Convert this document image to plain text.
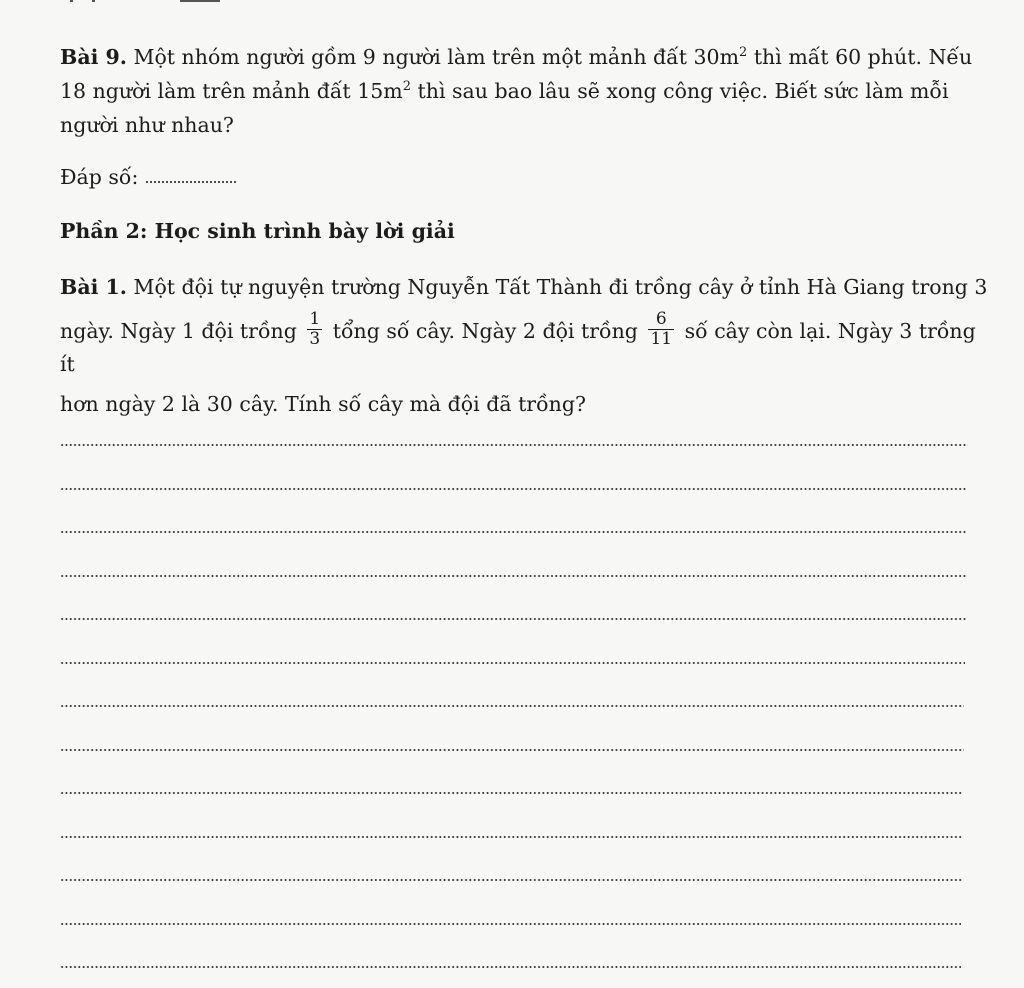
Bài 9. Một nhóm người gồm 9 người làm trên một mảnh đất $30m^2$ thì mất 60 phút. Nếu
18 người làm trên mảnh đất $15m^2$ thì sau bao lâu sẽ xong công việc. Biết sức làm mỗi
người như nhau?
Đáp số:
Phần 2: Học sinh trình bày lời giải
Bài 1. Một đội tự nguyện trường Nguyễn Tất Thành đi trồng cây ở tỉnh Hà Giang trong 3
ngày. Ngày 1 đội trồng $\frac{1}{3}$ tổng số cây. Ngày 2 đội trồng $\frac{6}{11}$ số cây còn lại. Ngày 3 trồng ít
hơn ngày 2 là 30 cây. Tính số cây mà đội đã trồng?
